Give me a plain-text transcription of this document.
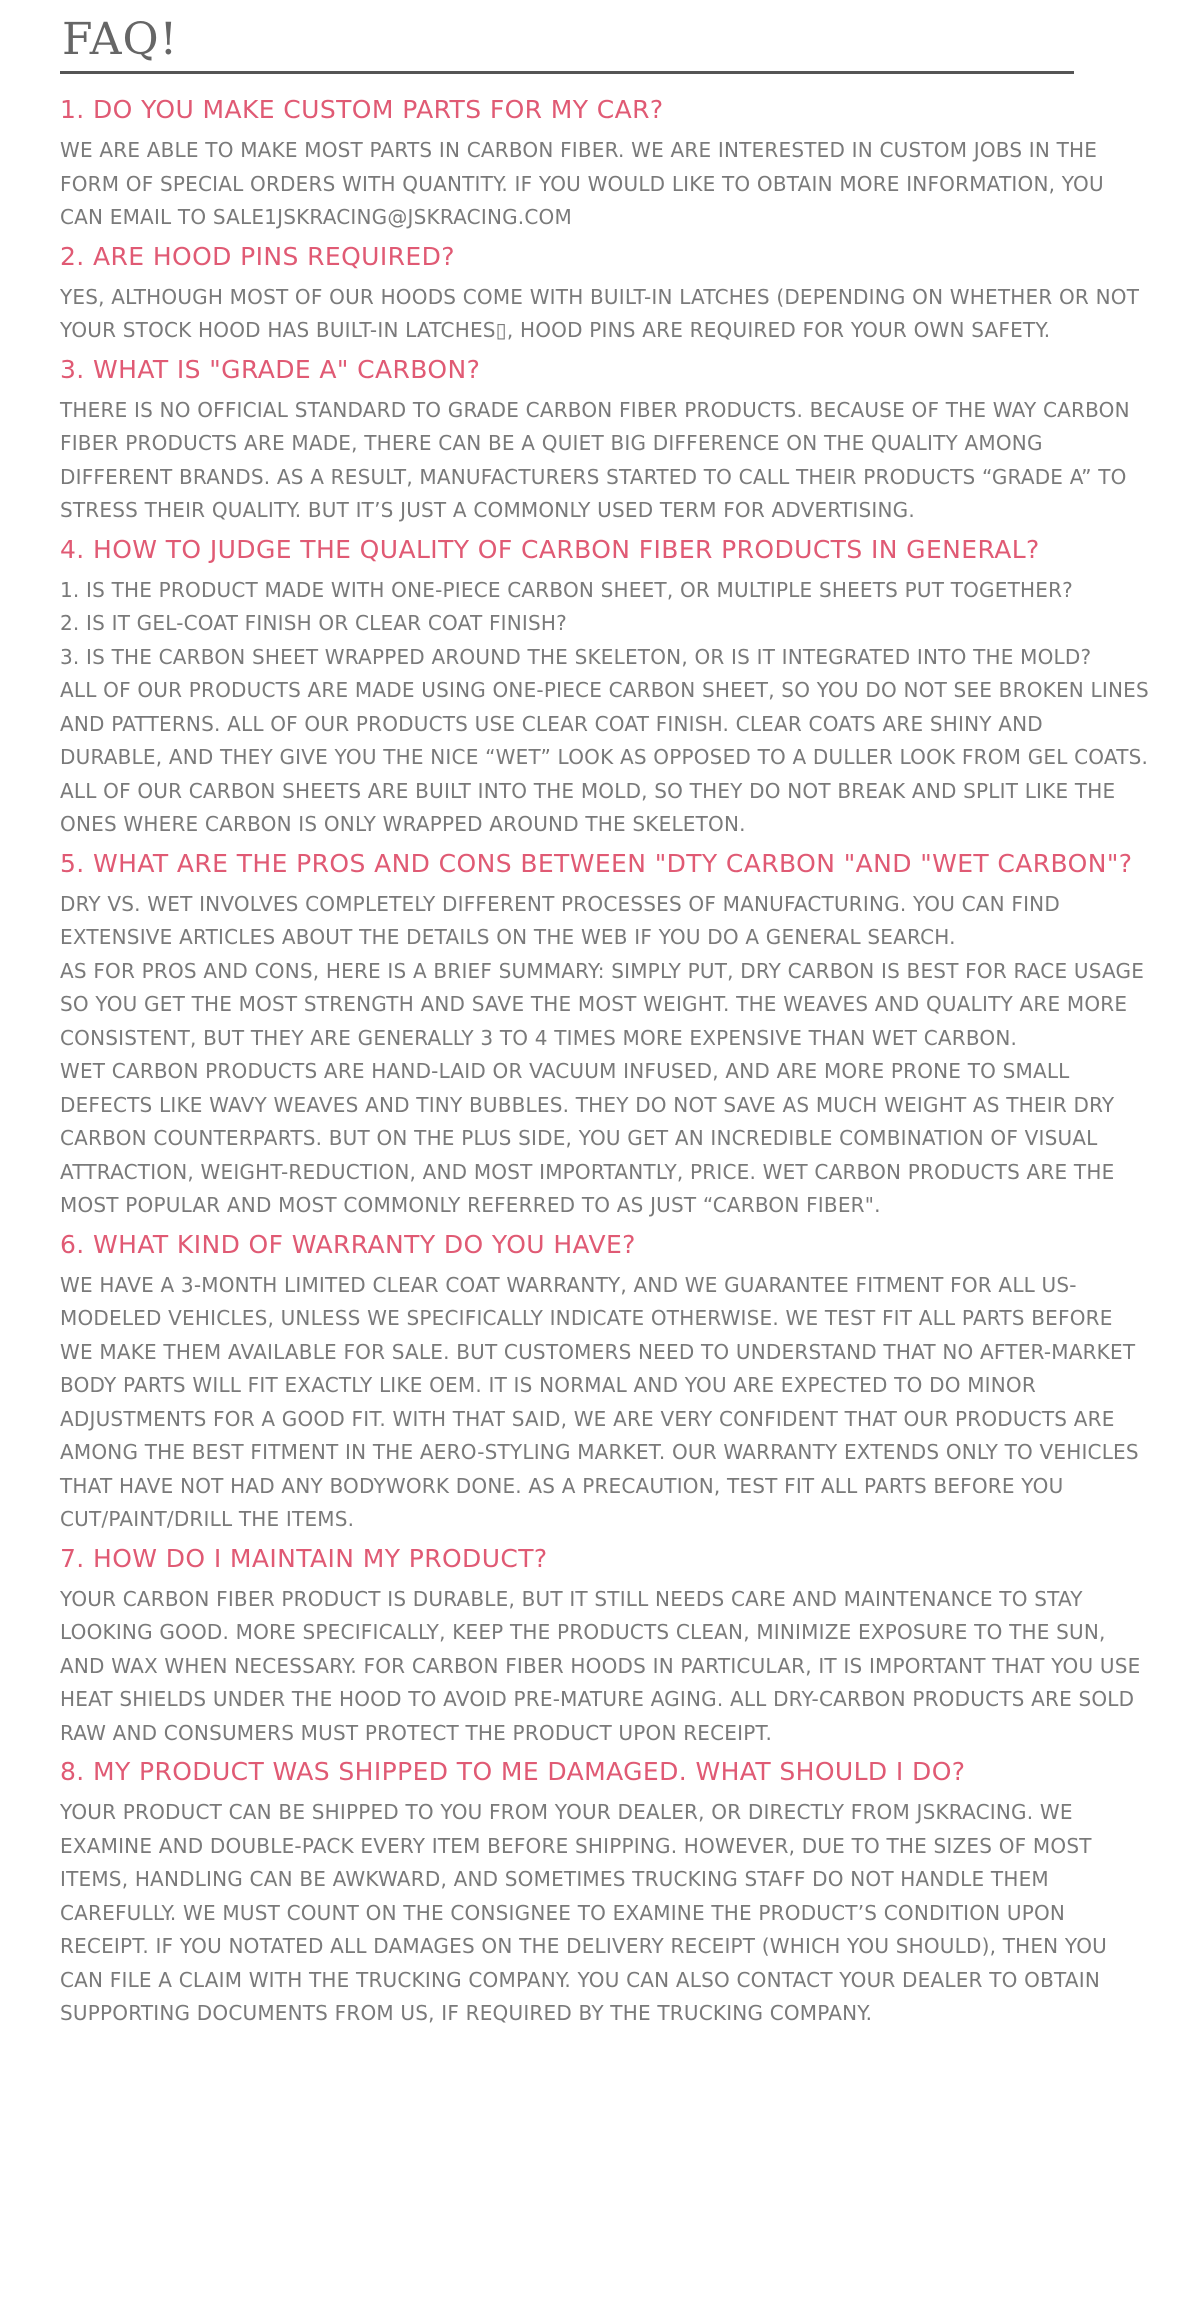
FAQ!
1. DO YOU MAKE CUSTOM PARTS FOR MY CAR?

WE ARE ABLE TO MAKE MOST PARTS IN CARBON FIBER. WE ARE INTERESTED IN CUSTOM JOBS IN THE FORM OF SPECIAL ORDERS WITH QUANTITY. IF YOU WOULD LIKE TO OBTAIN MORE INFORMATION, YOU CAN EMAIL TO SALE1JSKRACING@JSKRACING.COM

2. ARE HOOD PINS REQUIRED?

YES, ALTHOUGH MOST OF OUR HOODS COME WITH BUILT-IN LATCHES (DEPENDING ON WHETHER OR NOT YOUR STOCK HOOD HAS BUILT-IN LATCHES▯, HOOD PINS ARE REQUIRED FOR YOUR OWN SAFETY.

3. WHAT IS "GRADE A" CARBON?

THERE IS NO OFFICIAL STANDARD TO GRADE CARBON FIBER PRODUCTS. BECAUSE OF THE WAY CARBON FIBER PRODUCTS ARE MADE, THERE CAN BE A QUIET BIG DIFFERENCE ON THE QUALITY AMONG DIFFERENT BRANDS. AS A RESULT, MANUFACTURERS STARTED TO CALL THEIR PRODUCTS “GRADE A” TO STRESS THEIR QUALITY. BUT IT’S JUST A COMMONLY USED TERM FOR ADVERTISING.

4. HOW TO JUDGE THE QUALITY OF CARBON FIBER PRODUCTS IN GENERAL?

1. IS THE PRODUCT MADE WITH ONE-PIECE CARBON SHEET, OR MULTIPLE SHEETS PUT TOGETHER?

2. IS IT GEL-COAT FINISH OR CLEAR COAT FINISH?

3. IS THE CARBON SHEET WRAPPED AROUND THE SKELETON, OR IS IT INTEGRATED INTO THE MOLD?

ALL OF OUR PRODUCTS ARE MADE USING ONE-PIECE CARBON SHEET, SO YOU DO NOT SEE BROKEN LINES AND PATTERNS. ALL OF OUR PRODUCTS USE CLEAR COAT FINISH. CLEAR COATS ARE SHINY AND DURABLE, AND THEY GIVE YOU THE NICE “WET” LOOK AS OPPOSED TO A DULLER LOOK FROM GEL COATS. ALL OF OUR CARBON SHEETS ARE BUILT INTO THE MOLD, SO THEY DO NOT BREAK AND SPLIT LIKE THE ONES WHERE CARBON IS ONLY WRAPPED AROUND THE SKELETON.

5. WHAT ARE THE PROS AND CONS BETWEEN "DTY CARBON "AND "WET CARBON"?

DRY VS. WET INVOLVES COMPLETELY DIFFERENT PROCESSES OF MANUFACTURING. YOU CAN FIND EXTENSIVE ARTICLES ABOUT THE DETAILS ON THE WEB IF YOU DO A GENERAL SEARCH.

AS FOR PROS AND CONS, HERE IS A BRIEF SUMMARY: SIMPLY PUT, DRY CARBON IS BEST FOR RACE USAGE SO YOU GET THE MOST STRENGTH AND SAVE THE MOST WEIGHT. THE WEAVES AND QUALITY ARE MORE CONSISTENT, BUT THEY ARE GENERALLY 3 TO 4 TIMES MORE EXPENSIVE THAN WET CARBON.

WET CARBON PRODUCTS ARE HAND-LAID OR VACUUM INFUSED, AND ARE MORE PRONE TO SMALL DEFECTS LIKE WAVY WEAVES AND TINY BUBBLES. THEY DO NOT SAVE AS MUCH WEIGHT AS THEIR DRY CARBON COUNTERPARTS. BUT ON THE PLUS SIDE, YOU GET AN INCREDIBLE COMBINATION OF VISUAL ATTRACTION, WEIGHT-REDUCTION, AND MOST IMPORTANTLY, PRICE. WET CARBON PRODUCTS ARE THE MOST POPULAR AND MOST COMMONLY REFERRED TO AS JUST “CARBON FIBER".

6. WHAT KIND OF WARRANTY DO YOU HAVE?

WE HAVE A 3-MONTH LIMITED CLEAR COAT WARRANTY, AND WE GUARANTEE FITMENT FOR ALL US-MODELED VEHICLES, UNLESS WE SPECIFICALLY INDICATE OTHERWISE. WE TEST FIT ALL PARTS BEFORE WE MAKE THEM AVAILABLE FOR SALE. BUT CUSTOMERS NEED TO UNDERSTAND THAT NO AFTER-MARKET BODY PARTS WILL FIT EXACTLY LIKE OEM. IT IS NORMAL AND YOU ARE EXPECTED TO DO MINOR ADJUSTMENTS FOR A GOOD FIT. WITH THAT SAID, WE ARE VERY CONFIDENT THAT OUR PRODUCTS ARE AMONG THE BEST FITMENT IN THE AERO-STYLING MARKET. OUR WARRANTY EXTENDS ONLY TO VEHICLES THAT HAVE NOT HAD ANY BODYWORK DONE. AS A PRECAUTION, TEST FIT ALL PARTS BEFORE YOU CUT/PAINT/DRILL THE ITEMS.

7. HOW DO I MAINTAIN MY PRODUCT?

YOUR CARBON FIBER PRODUCT IS DURABLE, BUT IT STILL NEEDS CARE AND MAINTENANCE TO STAY LOOKING GOOD. MORE SPECIFICALLY, KEEP THE PRODUCTS CLEAN, MINIMIZE EXPOSURE TO THE SUN, AND WAX WHEN NECESSARY. FOR CARBON FIBER HOODS IN PARTICULAR, IT IS IMPORTANT THAT YOU USE HEAT SHIELDS UNDER THE HOOD TO AVOID PRE-MATURE AGING. ALL DRY-CARBON PRODUCTS ARE SOLD RAW AND CONSUMERS MUST PROTECT THE PRODUCT UPON RECEIPT.

8. MY PRODUCT WAS SHIPPED TO ME DAMAGED. WHAT SHOULD I DO?

YOUR PRODUCT CAN BE SHIPPED TO YOU FROM YOUR DEALER, OR DIRECTLY FROM JSKRACING. WE EXAMINE AND DOUBLE-PACK EVERY ITEM BEFORE SHIPPING. HOWEVER, DUE TO THE SIZES OF MOST ITEMS, HANDLING CAN BE AWKWARD, AND SOMETIMES TRUCKING STAFF DO NOT HANDLE THEM CAREFULLY. WE MUST COUNT ON THE CONSIGNEE TO EXAMINE THE PRODUCT’S CONDITION UPON RECEIPT. IF YOU NOTATED ALL DAMAGES ON THE DELIVERY RECEIPT (WHICH YOU SHOULD), THEN YOU CAN FILE A CLAIM WITH THE TRUCKING COMPANY. YOU CAN ALSO CONTACT YOUR DEALER TO OBTAIN SUPPORTING DOCUMENTS FROM US, IF REQUIRED BY THE TRUCKING COMPANY.
